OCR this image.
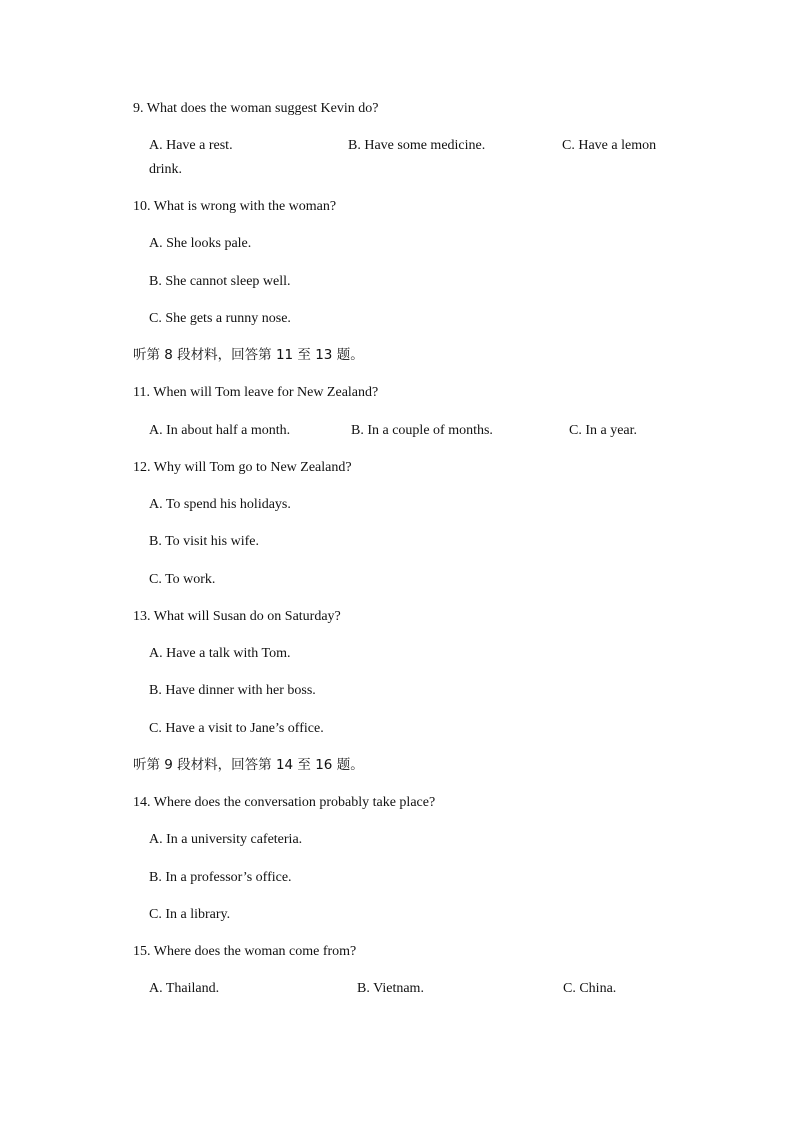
9. What does the woman suggest Kevin do?
A. Have a rest.	B. Have some medicine.	C. Have a lemon
drink.
10. What is wrong with the woman?
A. She looks pale.
B. She cannot sleep well.
C. She gets a runny nose.
听第 8 段材料，回答第 11 至 13 题。
11. When will Tom leave for New Zealand?
A. In about half a month.	B. In a couple of months.	C. In a year.
12. Why will Tom go to New Zealand?
A. To spend his holidays.
B. To visit his wife.
C. To work.
13. What will Susan do on Saturday?
A. Have a talk with Tom.
B. Have dinner with her boss.
C. Have a visit to Jane’s office.
听第 9 段材料，回答第 14 至 16 题。
14. Where does the conversation probably take place?
A. In a university cafeteria.
B. In a professor’s office.
C. In a library.
15. Where does the woman come from?
A. Thailand.	B. Vietnam.	C. China.
